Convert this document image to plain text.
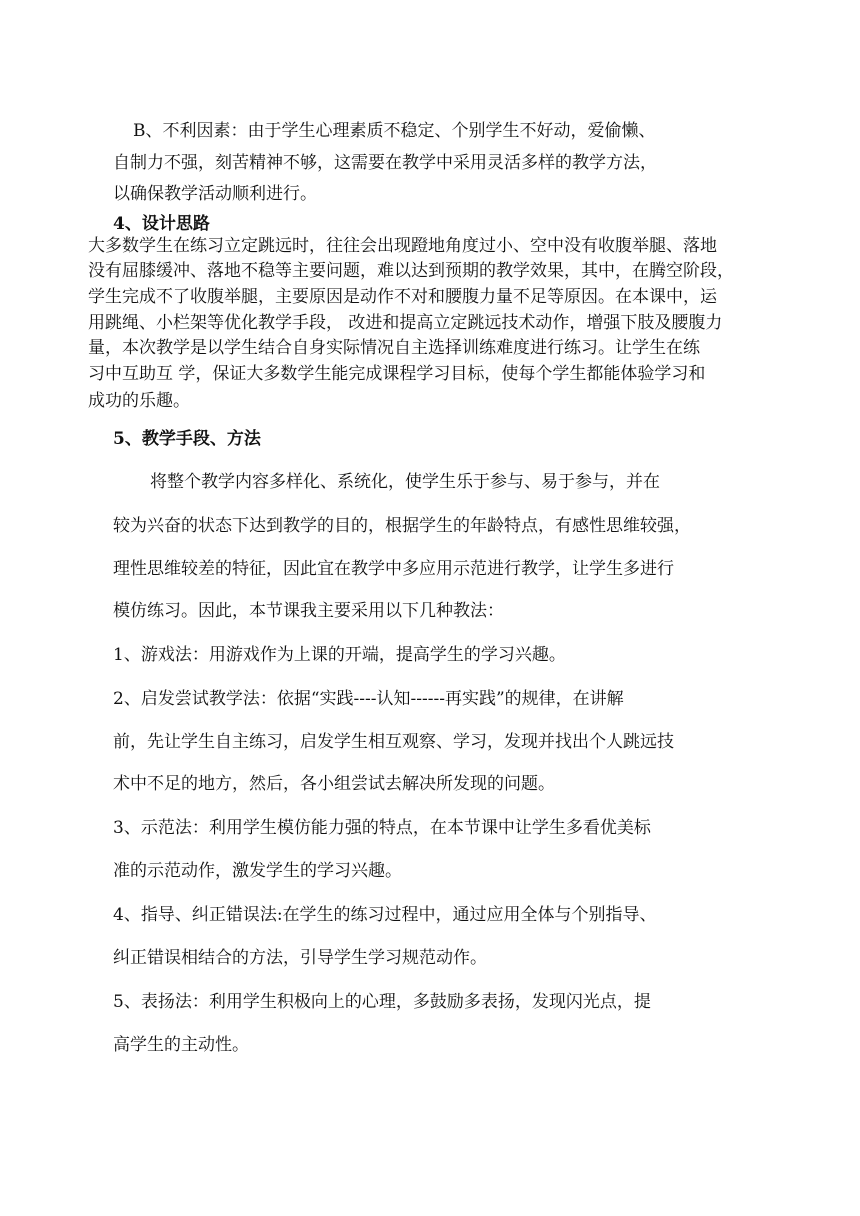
B、不利因素：由于学生心理素质不稳定、个别学生不好动，爱偷懒、
自制力不强，刻苦精神不够，这需要在教学中采用灵活多样的教学方法，
以确保教学活动顺利进行。
4、设计思路
大多数学生在练习立定跳远时，往往会出现蹬地角度过小、空中没有收腹举腿、落地
没有屈膝缓冲、落地不稳等主要问题，难以达到预期的教学效果，其中，在腾空阶段，
学生完成不了收腹举腿，主要原因是动作不对和腰腹力量不足等原因。在本课中，运
用跳绳、小栏架等优化教学手段， 改进和提高立定跳远技术动作，增强下肢及腰腹力
量，本次教学是以学生结合自身实际情况自主选择训练难度进行练习。让学生在练
习中互助互 学，保证大多数学生能完成课程学习目标，使每个学生都能体验学习和
成功的乐趣。
5、教学手段、方法
将整个教学内容多样化、系统化，使学生乐于参与、易于参与，并在
较为兴奋的状态下达到教学的目的，根据学生的年龄特点，有感性思维较强，
理性思维较差的特征，因此宜在教学中多应用示范进行教学，让学生多进行
模仿练习。因此，本节课我主要采用以下几种教法：
1、游戏法：用游戏作为上课的开端，提高学生的学习兴趣。
2、启发尝试教学法：依据“实践----认知------再实践”的规律，在讲解
前，先让学生自主练习，启发学生相互观察、学习，发现并找出个人跳远技
术中不足的地方，然后，各小组尝试去解决所发现的问题。
3、示范法：利用学生模仿能力强的特点，在本节课中让学生多看优美标
准的示范动作，激发学生的学习兴趣。
4、指导、纠正错误法:在学生的练习过程中，通过应用全体与个别指导、
纠正错误相结合的方法，引导学生学习规范动作。
5、表扬法：利用学生积极向上的心理，多鼓励多表扬，发现闪光点，提
高学生的主动性。
